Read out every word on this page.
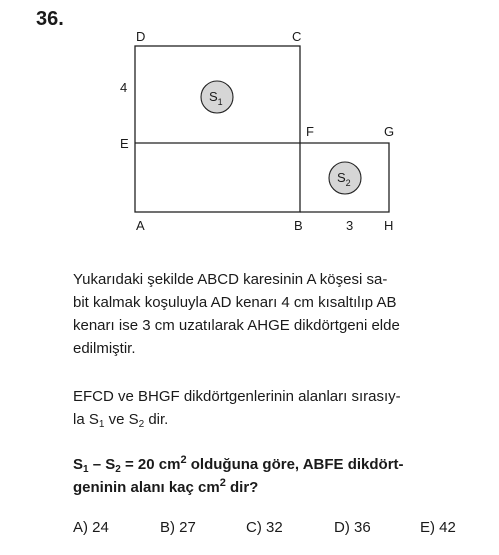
36.
D	C
E
F	G
A	B	H
4
3
$S_1$
$S_2$
Yukarıdaki şekilde ABCD karesinin A köşesi sa-
bit kalmak koşuluyla AD kenarı 4 cm kısaltılıp AB
kenarı ise 3 cm uzatılarak AHGE dikdörtgeni elde
edilmiştir.
EFCD ve BHGF dikdörtgenlerinin alanları sırasıy-
la $S_1$ ve $S_2$ dir.
$S_1 - S_2 = 20$ $cm^2$ olduğuna göre, ABFE dikdört-
geninin alanı kaç $cm^2$ dir?
A) 24	B) 27	C) 32	D) 36	E) 42
